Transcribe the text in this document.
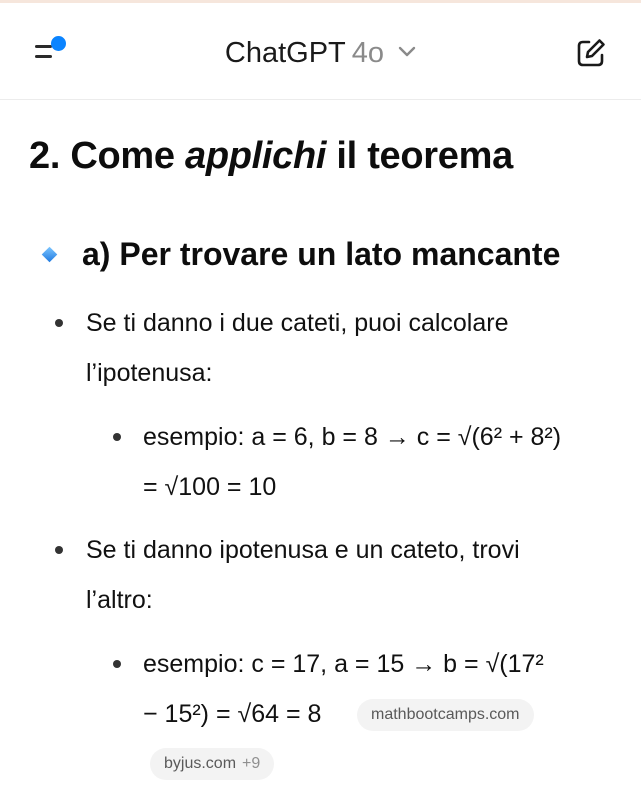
ChatGPT 4o
2. Come applichi il teorema
a) Per trovare un lato mancante
Se ti danno i due cateti, puoi calcolare
l’ipotenusa:
esempio: a = 6, b = 8 → c = √(6² + 8²)
= √100 = 10
Se ti danno ipotenusa e un cateto, trovi
l’altro:
esempio: c = 17, a = 15 → b = √(17²
− 15²) = √64 = 8	mathbootcamps.com
byjus.com +9
